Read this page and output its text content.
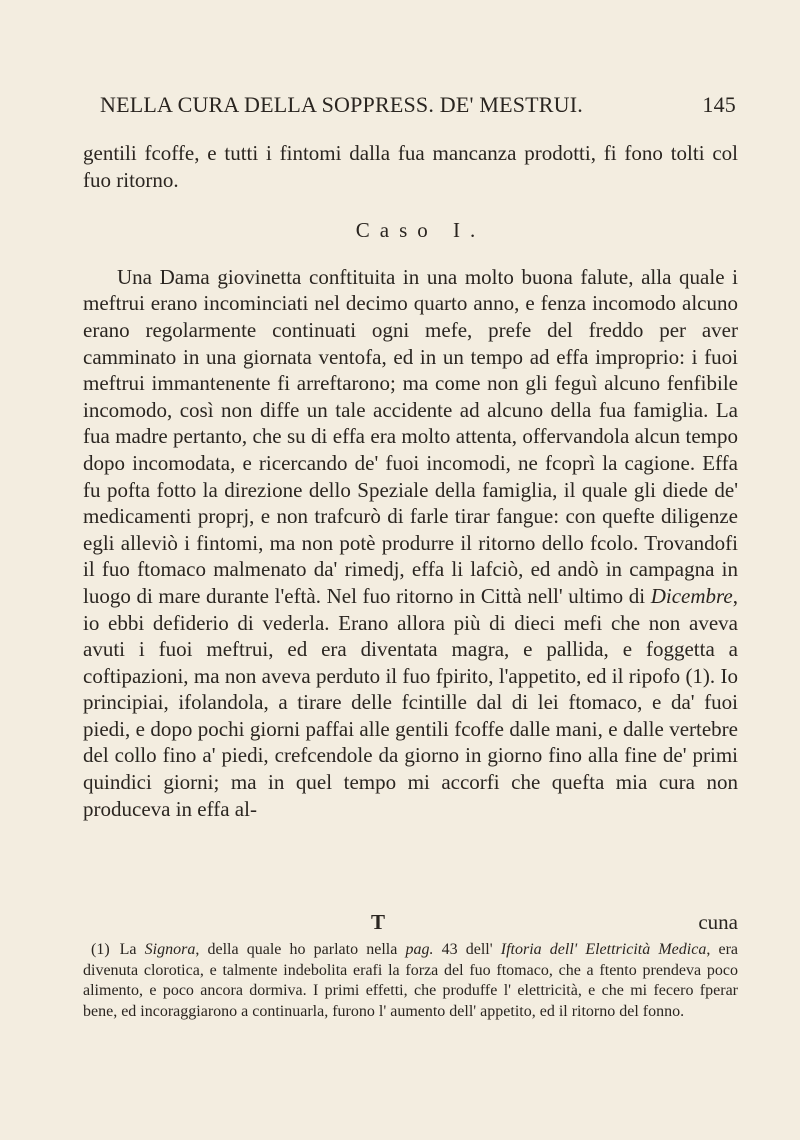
NELLA CURA DELLA SOPPRESS. DE' MESTRUI.	145

gentili fcoffe, e tutti i fintomi dalla fua mancanza prodotti, fi fono tolti col fuo ritorno.

Caso I.

Una Dama giovinetta conftituita in una molto buona falute, alla quale i meftrui erano incominciati nel decimo quarto anno, e fenza incomodo alcuno erano regolarmente continuati ogni mefe, prefe del freddo per aver camminato in una giornata ventofa, ed in un tempo ad effa improprio: i fuoi meftrui immantenente fi arreftarono; ma come non gli feguì alcuno fenfibile incomodo, così non diffe un tale accidente ad alcuno della fua famiglia. La fua madre pertanto, che su di effa era molto attenta, offervandola alcun tempo dopo incomodata, e ricercando de' fuoi incomodi, ne fcoprì la cagione. Effa fu pofta fotto la direzione dello Speziale della famiglia, il quale gli diede de' medicamenti proprj, e non trafcurò di farle tirar fangue: con quefte diligenze egli alleviò i fintomi, ma non potè produrre il ritorno dello fcolo. Trovandofi il fuo ftomaco malmenato da' rimedj, effa li lafciò, ed andò in campagna in luogo di mare durante l'eftà. Nel fuo ritorno in Città nell' ultimo di Dicembre, io ebbi defiderio di vederla. Erano allora più di dieci mefi che non aveva avuti i fuoi meftrui, ed era diventata magra, e pallida, e foggetta a coftipazioni, ma non aveva perduto il fuo fpirito, l'appetito, ed il ripofo (1). Io principiai, ifolandola, a tirare delle fcintille dal di lei ftomaco, e da' fuoi piedi, e dopo pochi giorni paffai alle gentili fcoffe dalle mani, e dalle vertebre del collo fino a' piedi, crefcendole da giorno in giorno fino alla fine de' primi quindici giorni; ma in quel tempo mi accorfi che quefta mia cura non produceva in effa al-

T	cuna

(1) La Signora, della quale ho parlato nella pag. 43 dell' Iftoria dell' Elettricità Medica, era divenuta clorotica, e talmente indebolita erafi la forza del fuo ftomaco, che a ftento prendeva poco alimento, e poco ancora dormiva. I primi effetti, che produffe l' elettricità, e che mi fecero fperar bene, ed incoraggiarono a continuarla, furono l' aumento dell' appetito, ed il ritorno del fonno.
